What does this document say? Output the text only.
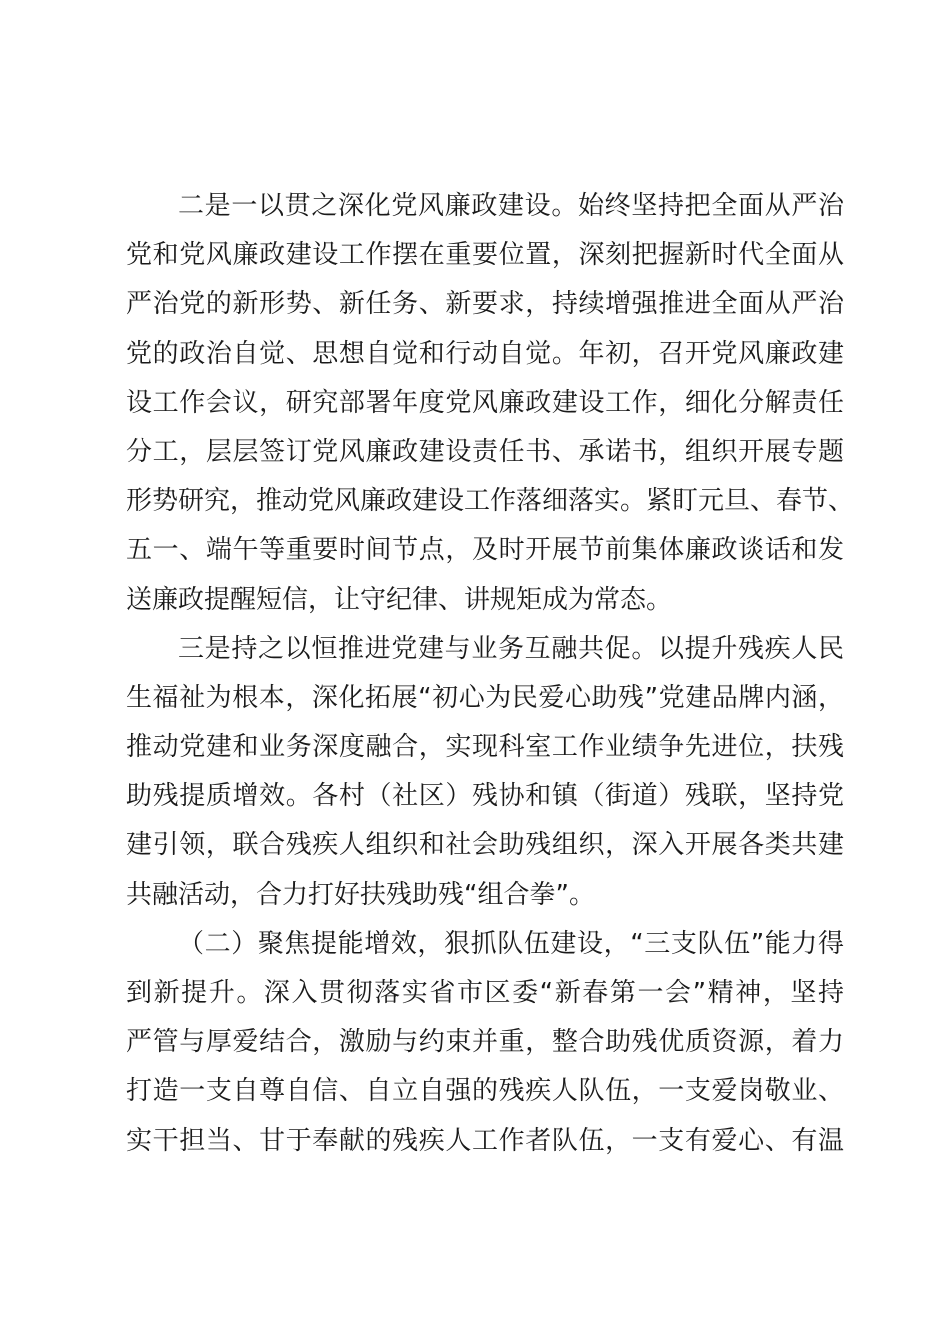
二是一以贯之深化党风廉政建设。始终坚持把全面从严治
党和党风廉政建设工作摆在重要位置，深刻把握新时代全面从
严治党的新形势、新任务、新要求，持续增强推进全面从严治
党的政治自觉、思想自觉和行动自觉。年初，召开党风廉政建
设工作会议，研究部署年度党风廉政建设工作，细化分解责任
分工，层层签订党风廉政建设责任书、承诺书，组织开展专题
形势研究，推动党风廉政建设工作落细落实。紧盯元旦、春节、
五一、端午等重要时间节点，及时开展节前集体廉政谈话和发
送廉政提醒短信，让守纪律、讲规矩成为常态。
三是持之以恒推进党建与业务互融共促。以提升残疾人民
生福祉为根本，深化拓展“初心为民爱心助残”党建品牌内涵，
推动党建和业务深度融合，实现科室工作业绩争先进位，扶残
助残提质增效。各村（社区）残协和镇（街道）残联，坚持党
建引领，联合残疾人组织和社会助残组织，深入开展各类共建
共融活动，合力打好扶残助残“组合拳”。
（二）聚焦提能增效，狠抓队伍建设，“三支队伍”能力得
到新提升。深入贯彻落实省市区委“新春第一会”精神，坚持
严管与厚爱结合，激励与约束并重，整合助残优质资源，着力
打造一支自尊自信、自立自强的残疾人队伍，一支爱岗敬业、
实干担当、甘于奉献的残疾人工作者队伍，一支有爱心、有温
